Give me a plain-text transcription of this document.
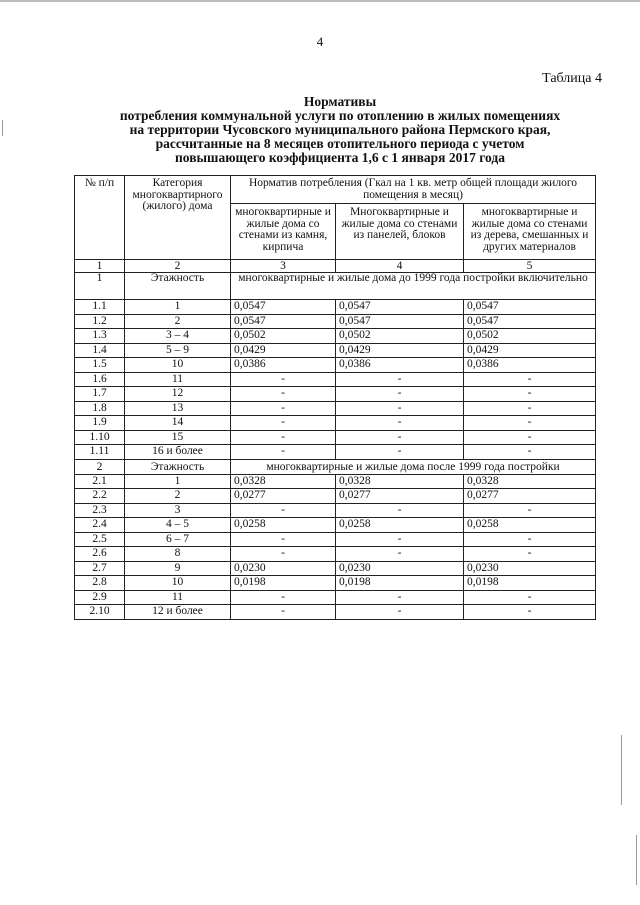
4
Таблица 4
Нормативы
потребления коммунальной услуги по отоплению в жилых помещениях
на территории Чусовского муниципального района Пермского края,
рассчитанные на 8 месяцев отопительного периода с учетом
повышающего коэффициента 1,6 с 1 января 2017 года
№ п/п	Категория многоквартирного (жилого) дома	Норматив потребления (Гкал на 1 кв. метр общей площади жилого помещения в месяц)		
		многоквартирные и жилые дома со стенами из камня, кирпича	Многоквартирные и жилые дома со стенами из панелей, блоков	многоквартирные и жилые дома со стенами из дерева, смешанных и других материалов
1	2	3	4	5
1	Этажность	многоквартирные и жилые дома до 1999 года постройки включительно		
1.1	1	0,0547	0,0547	0,0547
1.2	2	0,0547	0,0547	0,0547
1.3	3 – 4	0,0502	0,0502	0,0502
1.4	5 – 9	0,0429	0,0429	0,0429
1.5	10	0,0386	0,0386	0,0386
1.6	11	-	-	-
1.7	12	-	-	-
1.8	13	-	-	-
1.9	14	-	-	-
1.10	15	-	-	-
1.11	16 и более	-	-	-
2	Этажность	многоквартирные и жилые дома после 1999 года постройки		
2.1	1	0,0328	0,0328	0,0328
2.2	2	0,0277	0,0277	0,0277
2.3	3	-	-	-
2.4	4 – 5	0,0258	0,0258	0,0258
2.5	6 – 7	-	-	-
2.6	8	-	-	-
2.7	9	0,0230	0,0230	0,0230
2.8	10	0,0198	0,0198	0,0198
2.9	11	-	-	-
2.10	12 и более	-	-	-
